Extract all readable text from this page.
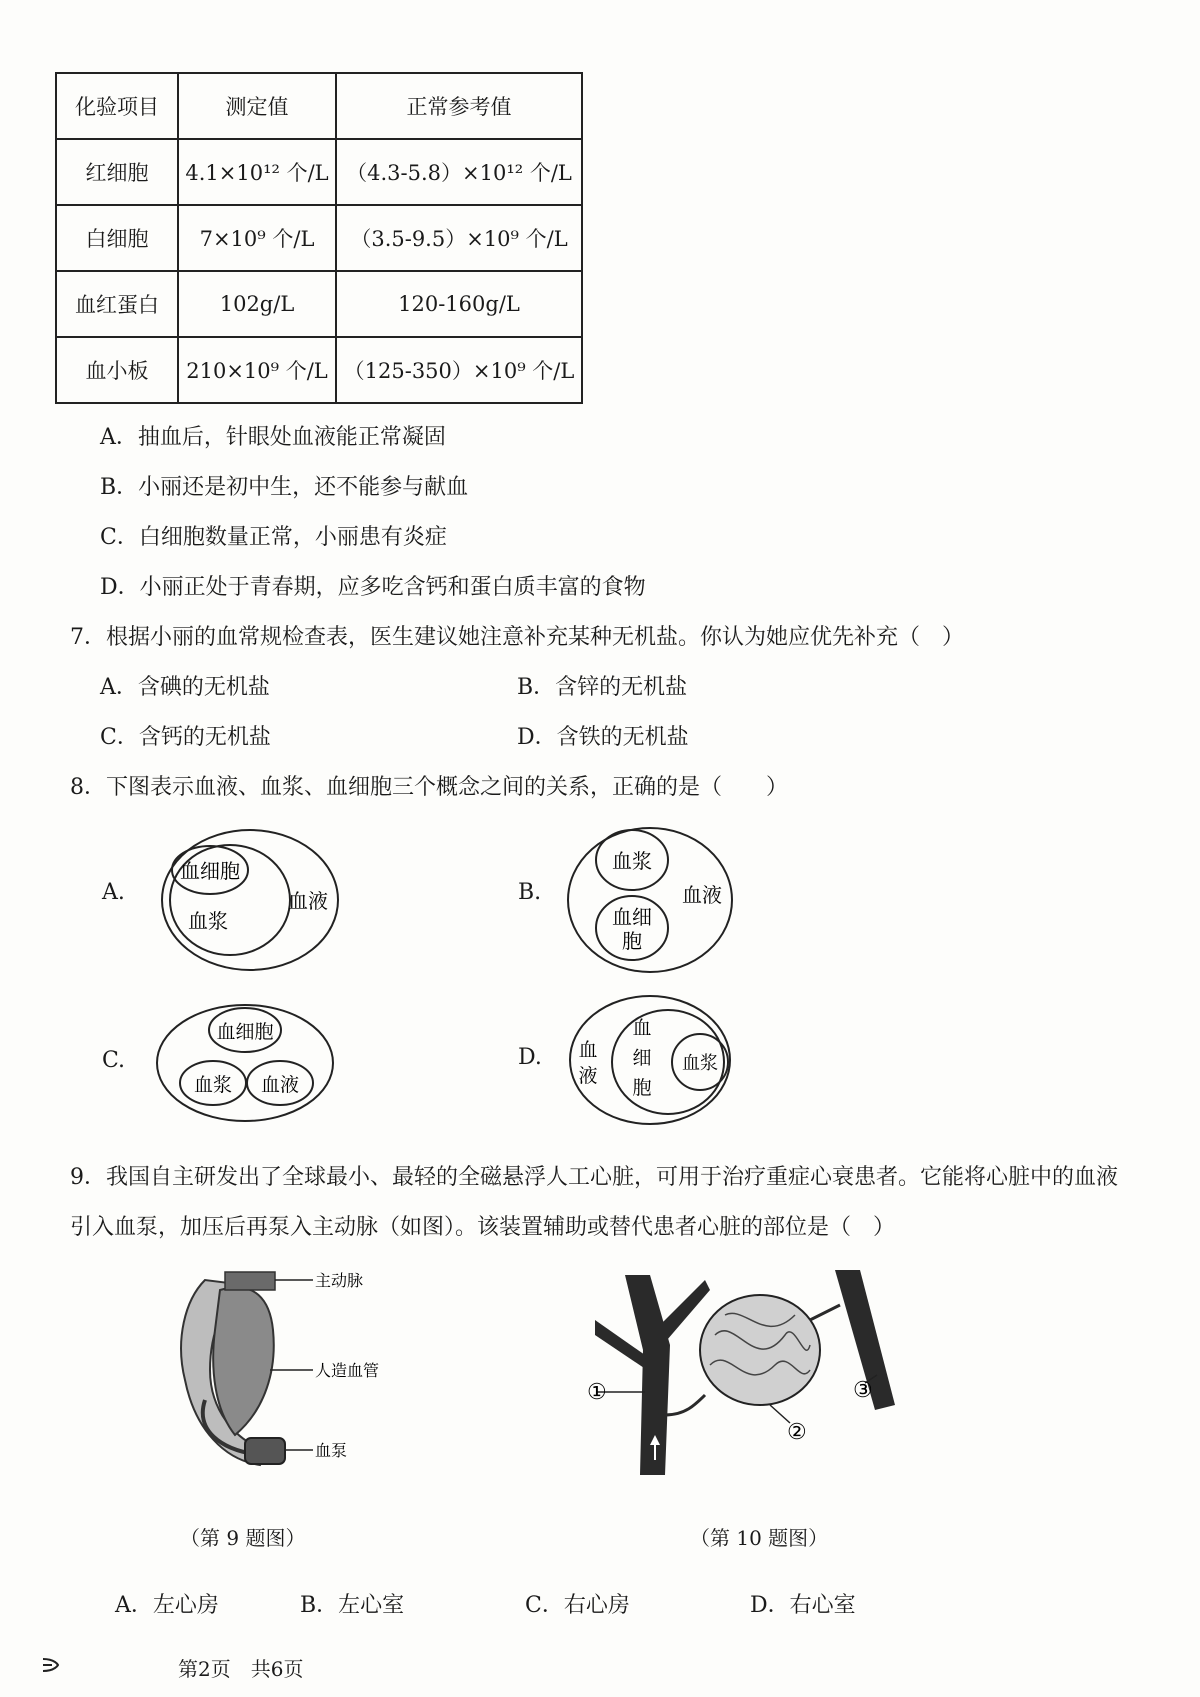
化验项目	测定值	正常参考值
红细胞	4.1×10¹² 个/L	（4.3-5.8）×10¹² 个/L
白细胞	7×10⁹ 个/L	（3.5-9.5）×10⁹ 个/L
血红蛋白	102g/L	120-160g/L
血小板	210×10⁹ 个/L	（125-350）×10⁹ 个/L
A．抽血后，针眼处血液能正常凝固
B．小丽还是初中生，还不能参与献血
C．白细胞数量正常，小丽患有炎症
D．小丽正处于青春期，应多吃含钙和蛋白质丰富的食物
7．根据小丽的血常规检查表，医生建议她注意补充某种无机盐。你认为她应优先补充（　）
A．含碘的无机盐	B．含锌的无机盐
C．含钙的无机盐	D．含铁的无机盐
8．下图表示血液、血浆、血细胞三个概念之间的关系，正确的是（　　）
A.
血细胞
血浆
血液	B.
血浆
血细
胞
血液
C.
血细胞
血浆 血液
D. 血
液
血
细
胞
血浆
9．我国自主研发出了全球最小、最轻的全磁悬浮人工心脏，可用于治疗重症心衰患者。它能将心脏中的血液
引入血泵，加压后再泵入主动脉（如图）。该装置辅助或替代患者心脏的部位是（　）
主动脉
人造血管
血泵
（第 9 题图）
①
②
③
（第 10 题图）
A．左心房	B．左心室	C．右心房	D．右心室
第2页　共6页
